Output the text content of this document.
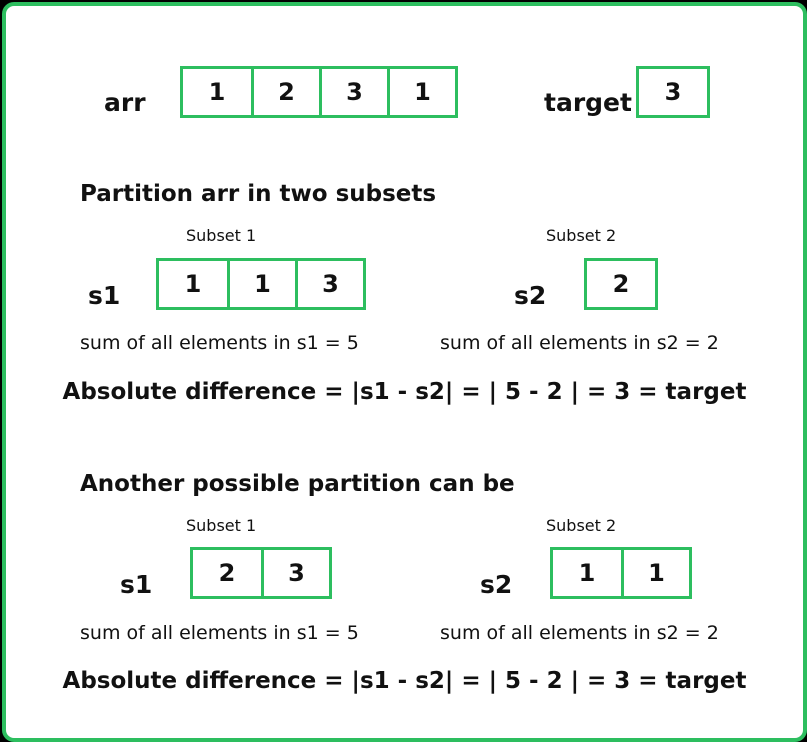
arr	1	2	3	1	target	3
Partition arr in two subsets
Subset 1
s1	1	1	3
sum of all elements in s1 = 5
Subset 2
s2	2
sum of all elements in s2 = 2
Absolute difference = |s1 - s2| = | 5 - 2 | = 3 = target
Another possible partition can be
Subset 1
s1	2	3
sum of all elements in s1 = 5
Subset 2
s2	1	1
sum of all elements in s2 = 2
Absolute difference = |s1 - s2| = | 5 - 2 | = 3 = target
